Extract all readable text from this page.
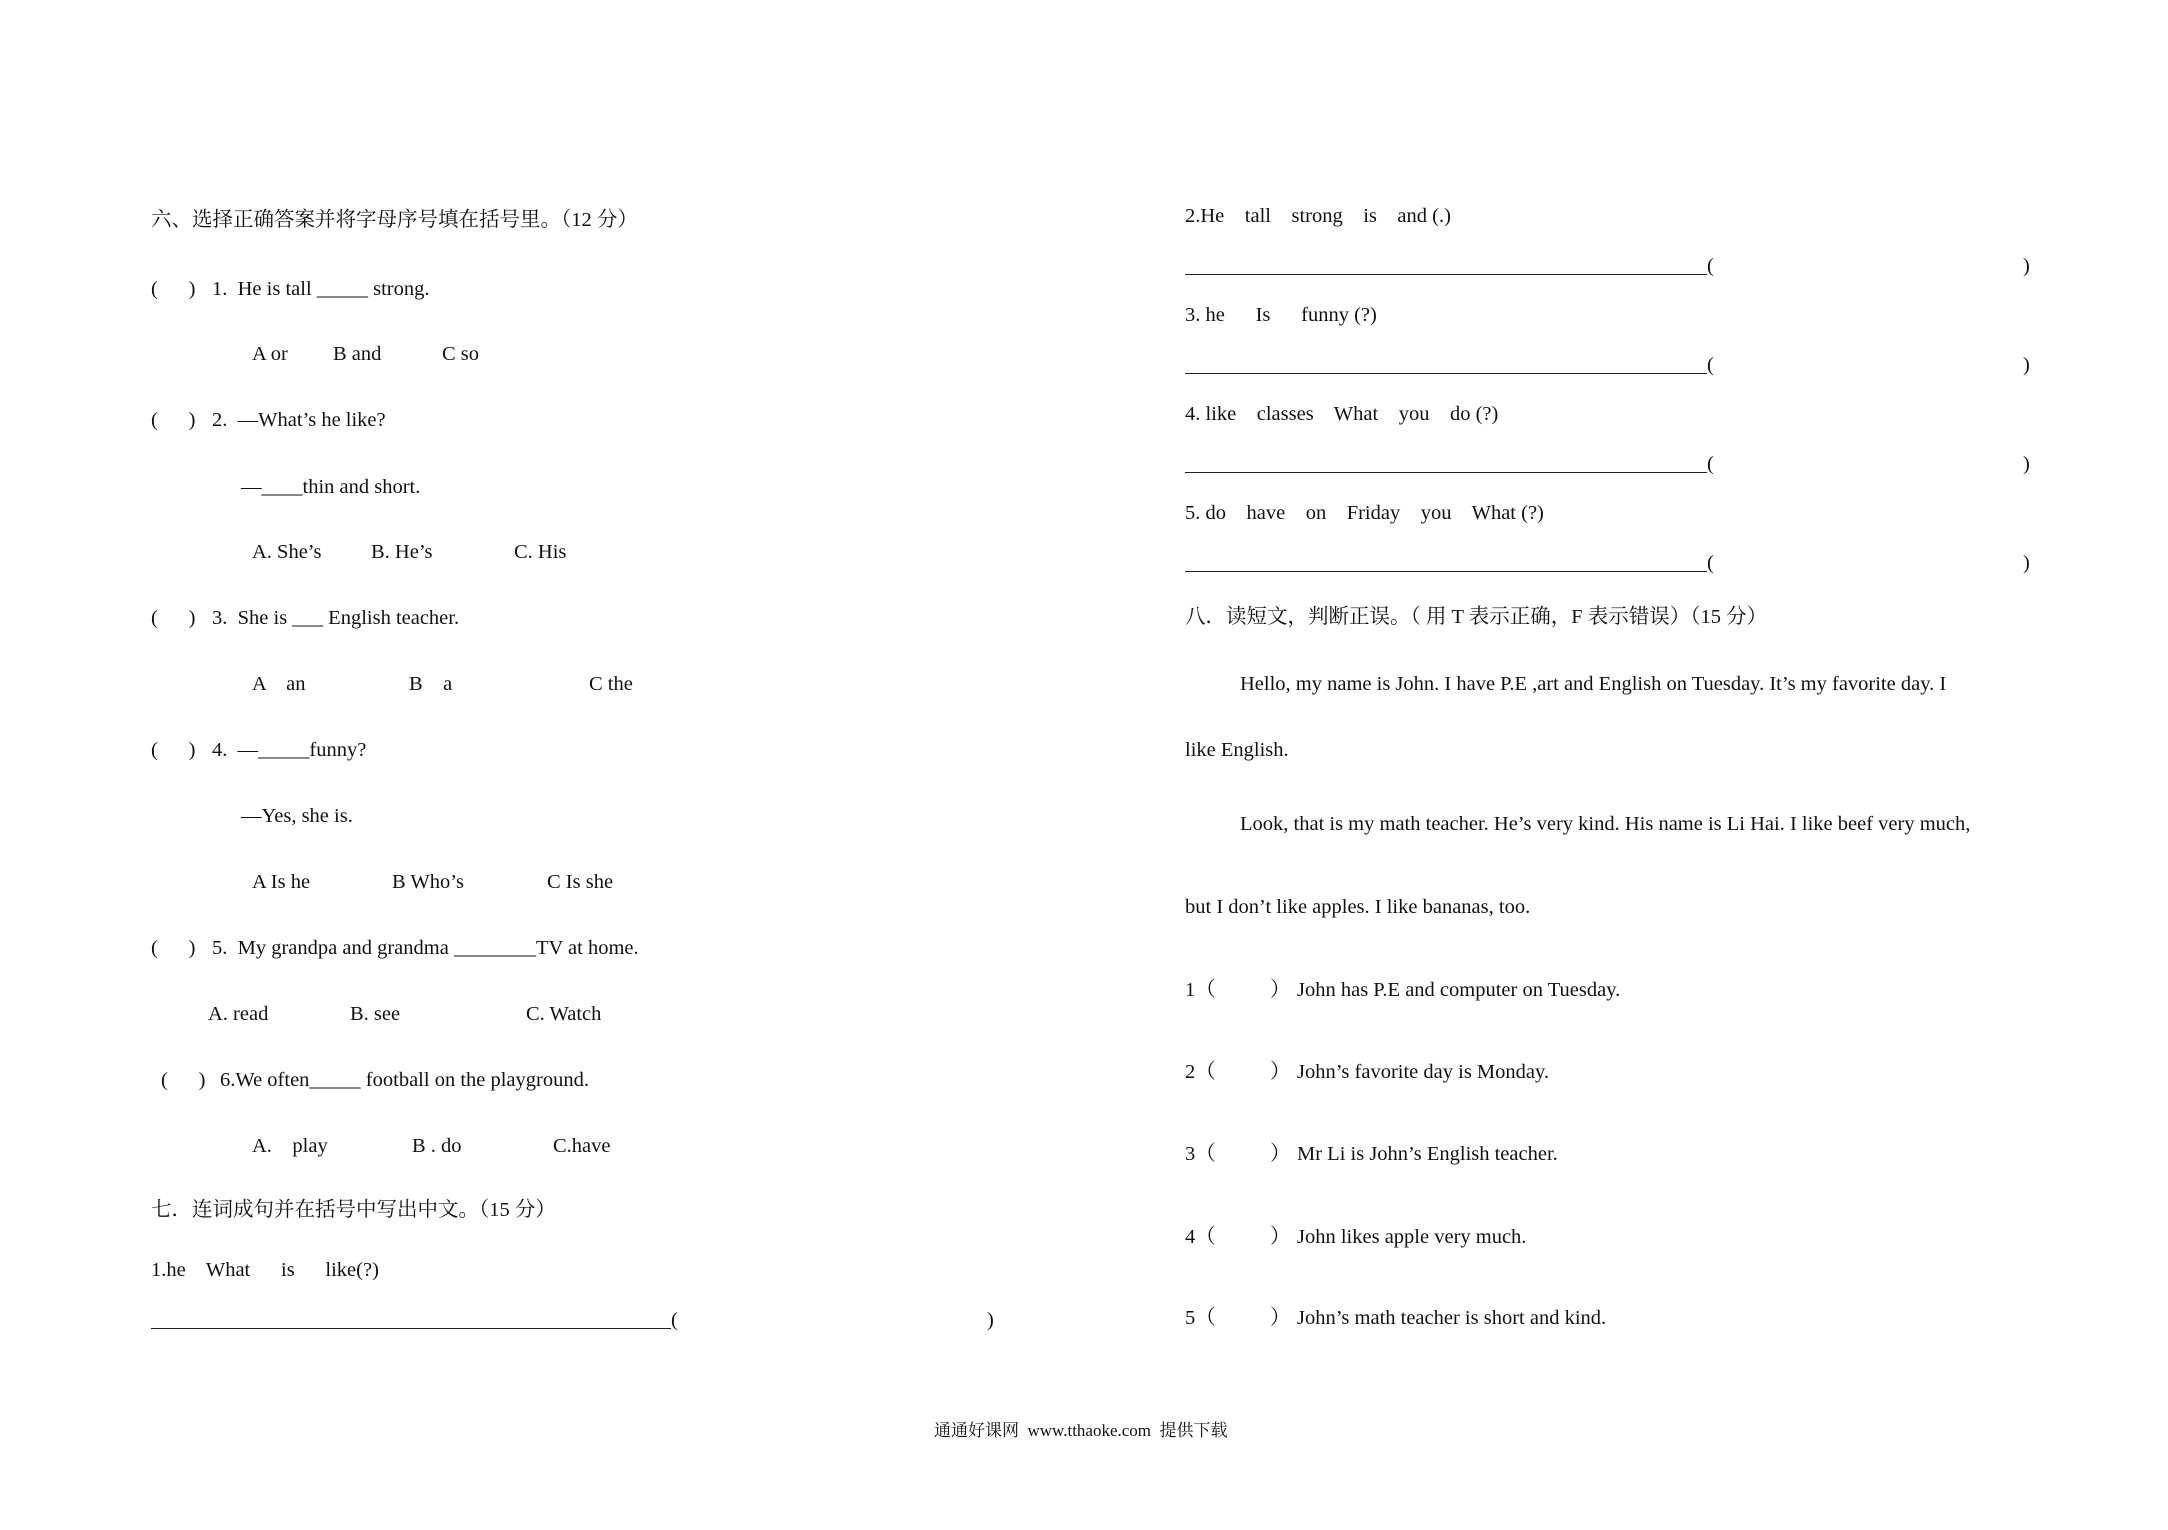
六、选择正确答案并将字母序号填在括号里。（12 分）
(      ) 1.  He is tall _____ strong.
A or B and	C so
(      ) 2.  —What’s he like?
—____thin and short.
A. She’s B. He’s	C. His
(      ) 3.  She is ___ English teacher.
A    an	B    a	C the
(      ) 4.  —_____funny?
—Yes, she is.
A Is he	B Who’s	C Is she
(      ) 5.  My grandpa and grandma ________TV at home.
A. read	B. see	C. Watch
(      ) 6.We often_____ football on the playground.
A.    play	B . do	C.have
七．连词成句并在括号中写出中文。（15 分）
1.he    What      is      like(?)
(	)
2.He    tall    strong    is    and (.)
(	)
3. he      Is      funny (?)
(	)
4. like    classes    What    you    do (?)
(	)
5. do    have    on    Friday    you    What (?)
(	)
八．读短文，判断正误。（ 用 T 表示正确，F 表示错误）（15 分）
Hello, my name is John. I have P.E ,art and English on Tuesday. It’s my favorite day. I
like English.
Look, that is my math teacher. He’s very kind. His name is Li Hai. I like beef very much,
but I don’t like apples. I like bananas, too.
1（	） John has P.E and computer on Tuesday.
2（	） John’s favorite day is Monday.
3（	） Mr Li is John’s English teacher.
4（	） John likes apple very much.
5（	） John’s math teacher is short and kind.
通通好课网  www.tthaoke.com  提供下载
